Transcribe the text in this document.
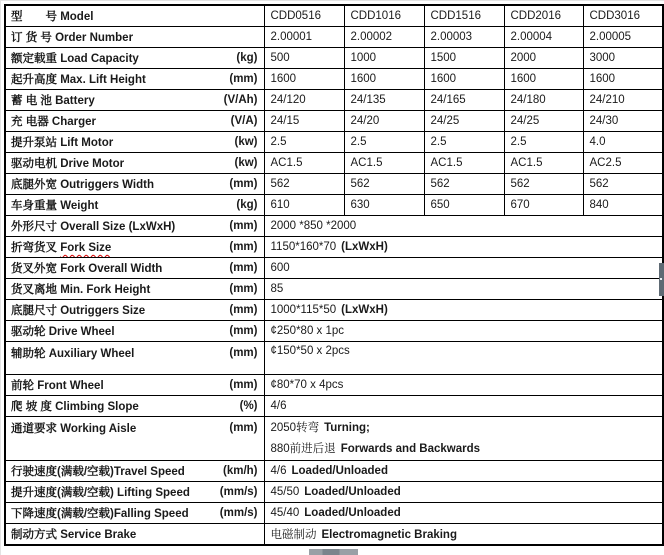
型　　号 Model	CDD0516	CDD1016	CDD1516	CDD2016	CDD3016

订 货 号 Order Number	2.00001	2.00002	2.00003	2.00004	2.00005

额定载重 Load Capacity (kg)	500	1000	1500	2000	3000

起升高度 Max. Lift Height (mm)	1600	1600	1600	1600	1600

蓄 电 池 Battery (V/Ah)	24/120	24/135	24/165	24/180	24/210

充 电器 Charger (V/A)	24/15	24/20	24/25	24/25	24/30

提升泵站 Lift Motor (kw)	2.5	2.5	2.5	2.5	4.0

驱动电机 Drive Motor (kw)	AC1.5	AC1.5	AC1.5	AC1.5	AC2.5

底腿外宽 Outriggers Width (mm)	562	562	562	562	562

车身重量 Weight (kg)	610	630	650	670	840

外形尺寸 Overall Size (LxWxH) (mm)	2000 *850 *2000				

折弯货叉 Fork Size (mm)	1150*160*70 (LxWxH)				

货叉外宽 Fork Overall Width (mm)	600				

货叉离地 Min. Fork Height (mm)	85				

底腿尺寸 Outriggers Size (mm)	1000*115*50 (LxWxH)				

驱动轮 Drive Wheel (mm)	¢250*80 x 1pc				

辅助轮 Auxiliary Wheel (mm)	¢150*50 x 2pcs				

前轮 Front Wheel (mm)	¢80*70 x 4pcs				

爬 坡 度 Climbing Slope (%)	4/6				

通道要求 Working Aisle	(mm)	2050转弯 Turning;
880前进后退 Forwards and Backwards

行驶速度(满载/空载)Travel Speed (km/h)	4/6 Loaded/Unloaded				

提升速度(满载/空载) Lifting Speed (mm/s)	45/50 Loaded/Unloaded				

下降速度(满载/空载)Falling Speed (mm/s)	45/40 Loaded/Unloaded				

制动方式 Service Brake	电磁制动 Electromagnetic Braking				
